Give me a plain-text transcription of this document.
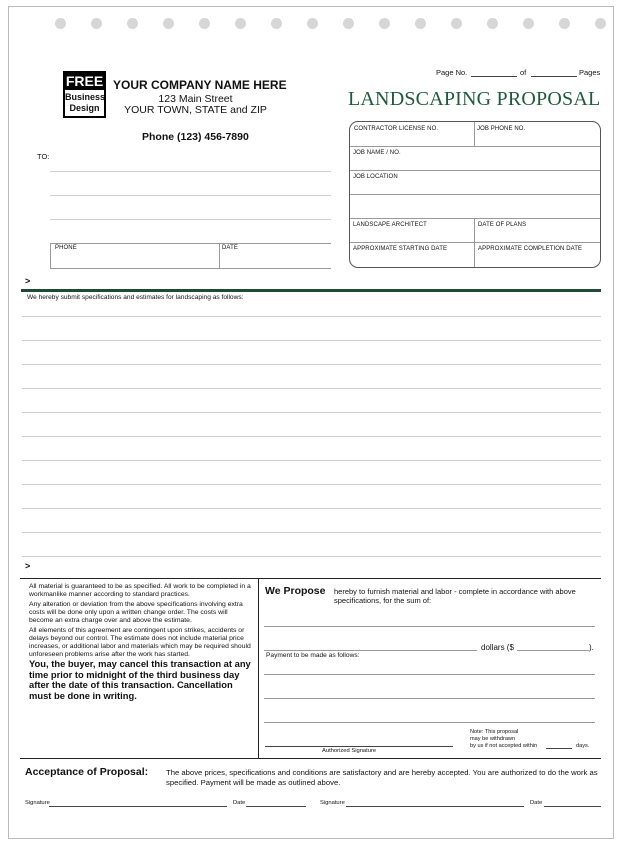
FREE
Business
Design
YOUR COMPANY NAME HERE
123 Main Street
YOUR TOWN, STATE and ZIP
Phone (123) 456-7890
Page No.	of	Pages
LANDSCAPING PROPOSAL
TO:
PHONE	DATE
CONTRACTOR LICENSE NO.	JOB PHONE NO.
JOB NAME / NO.
JOB LOCATION
LANDSCAPE ARCHITECT	DATE OF PLANS
APPROXIMATE STARTING DATE	APPROXIMATE COMPLETION DATE
>
We hereby submit specifications and estimates for landscaping as follows:
>
All material is guaranteed to be as specified. All work to be completed in a workmanlike manner according to standard practices.
Any alteration or deviation from the above specifications involving extra costs will be done only upon a written change order. The costs will become an extra charge over and above the estimate.
All elements of this agreement are contingent upon strikes, accidents or delays beyond our control. The estimate does not include material price increases, or additional labor and materials which may be required should unforeseen problems arise after the work has started.
You, the buyer, may cancel this transaction at any time prior to midnight of the third business day after the date of this transaction. Cancellation must be done in writing.
We Propose hereby to furnish material and labor - complete in accordance with above specifications, for the sum of:
dollars ($	).
Payment to be made as follows:
Authorized Signature
Note: This proposal
may be withdrawn
by us if not accepted within	days.
Acceptance of Proposal: The above prices, specifications and conditions are satisfactory and are hereby accepted. You are authorized to do the work as specified. Payment will be made as outlined above.
Signature	Date	Signature	Date
